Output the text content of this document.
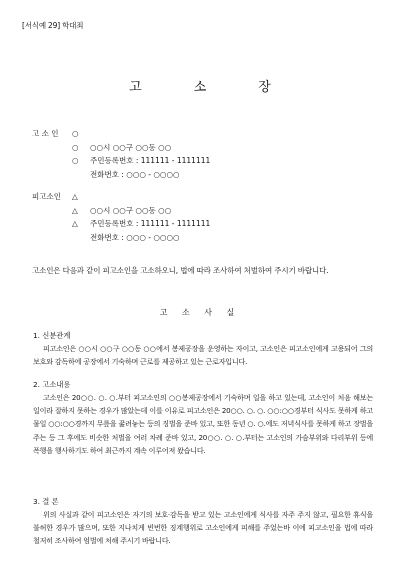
[서식예 29] 학대죄
고	소	장
고 소 인	○ ○ ○
○○시 ○○구 ○○동 ○○
주민등록번호 : 111111 - 1111111
전화번호 : ○○○ - ○○○○
피고소인	△ △ △
○○시 ○○구 ○○동 ○○
주민등록번호 : 111111 - 1111111
전화번호 : ○○○ - ○○○○
고소인은 다음과 같이 피고소인을 고소하오니, 법에 따라 조사하여 처벌하여 주시기 바랍니다.
고 소 사 실
1. 신분관계
피고소인은 ○○시 ○○구 ○○동 ○○에서 봉제공장을 운영하는 자이고, 고소인은 피고소인에게 고용되어 그의 보호와 감독하에 공장에서 기숙하며 근로를 제공하고 있는 근로자입니다.
2. 고소내용
고소인은 20○○. ○. ○.부터 피고소인의 ○○봉제공장에서 기숙하며 일을 하고 있는데, 고소인이 처음 해보는 일이라 잘하지 못하는 경우가 많았는데 이를 이유로 피고소인은 20○○. ○. ○. ○○:○○경부터 식사도 못하게 하고 물일 ○○:○○경까지 무릎을 꿇려놓는 등의 징벌을 준바 있고, 또한 동년 ○. ○.에도 저녁식사를 못하게 하고 장벌을 주는 등 그 후에도 비슷한 처벌을 여러 차례 준바 있고, 20○○. ○. ○.부터는 고소인의 가슴부위와 다리부위 등에 폭행을 행사하기도 하여 최근까지 계속 이루어져 왔습니다.
3. 결 론
위의 사실과 같이 피고소인은 자기의 보호·감독을 받고 있는 고소인에게 식사를 자주 주지 않고, 필요한 휴식을 불허한 경우가 많으며, 또한 지나치게 빈번한 징계행위로 고소인에게 피해를 주었는바 이에 피고소인을 법에 따라 철저히 조사하여 엄벌에 처해 주시기 바랍니다.
